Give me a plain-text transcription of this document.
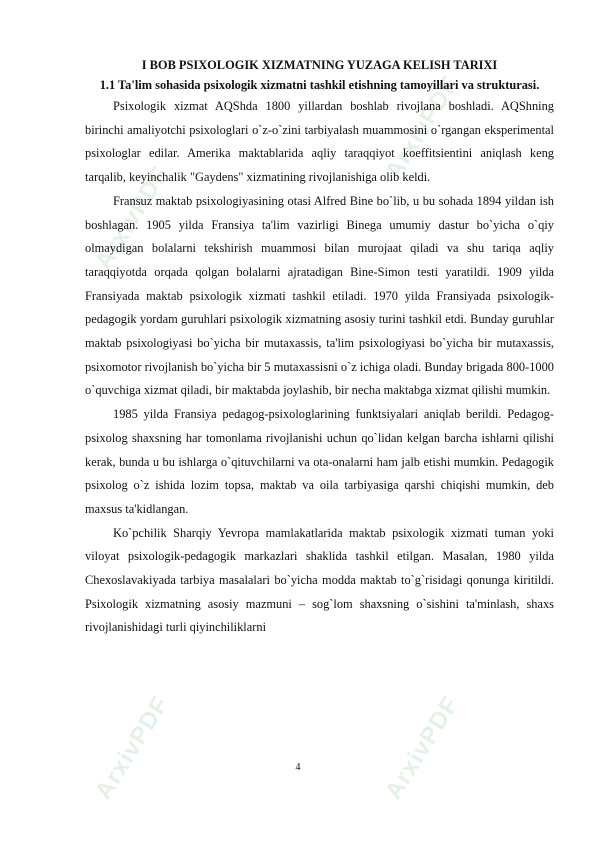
ArxivPDF
ArxivPDF
ArxivPDF	ArxivPDF

I BOB PSIXOLOGIK XIZMATNING YUZAGA KELISH TARIXI

1.1 Ta'lim sohasida psixologik xizmatni tashkil etishning tamoyillari va strukturasi.

Psixologik xizmat AQShda 1800 yillardan boshlab rivojlana boshladi. AQShning birinchi amaliyotchi psixologlari o`z-o`zini tarbiyalash muammosini o`rgangan eksperimental psixologlar edilar. Amerika maktablarida aqliy taraqqiyot koeffitsientini aniqlash keng tarqalib, keyinchalik "Gaydens" xizmatining rivojlanishiga olib keldi.

Fransuz maktab psixologiyasining otasi Alfred Bine bo`lib, u bu sohada 1894 yildan ish boshlagan. 1905 yilda Fransiya ta'lim vazirligi Binega umumiy dastur bo`yicha o`qiy olmaydigan bolalarni tekshirish muammosi bilan murojaat qiladi va shu tariqa aqliy taraqqiyotda orqada qolgan bolalarni ajratadigan Bine-Simon testi yaratildi. 1909 yilda Fransiyada maktab psixologik xizmati tashkil etiladi. 1970 yilda Fransiyada psixologik-pedagogik yordam guruhlari psixologik xizmatning asosiy turini tashkil etdi. Bunday guruhlar maktab psixologiyasi bo`yicha bir mutaxassis, ta'lim psixologiyasi bo`yicha bir mutaxassis, psixomotor rivojlanish bo`yicha bir 5 mutaxassisni o`z ichiga oladi. Bunday brigada 800-1000 o`quvchiga xizmat qiladi, bir maktabda joylashib, bir necha maktabga xizmat qilishi mumkin.

1985 yilda Fransiya pedagog-psixologlarining funktsiyalari aniqlab berildi. Pedagog-psixolog shaxsning har tomonlama rivojlanishi uchun qo`lidan kelgan barcha ishlarni qilishi kerak, bunda u bu ishlarga o`qituvchilarni va ota-onalarni ham jalb etishi mumkin. Pedagogik psixolog o`z ishida lozim topsa, maktab va oila tarbiyasiga qarshi chiqishi mumkin, deb maxsus ta'kidlangan.

Ko`pchilik Sharqiy Yevropa mamlakatlarida maktab psixologik xizmati tuman yoki viloyat psixologik-pedagogik markazlari shaklida tashkil etilgan. Masalan, 1980 yilda Chexoslavakiyada tarbiya masalalari bo`yicha modda maktab to`g`risidagi qonunga kiritildi. Psixologik xizmatning asosiy mazmuni – sog`lom shaxsning o`sishini ta'minlash, shaxs rivojlanishidagi turli qiyinchiliklarni

4
